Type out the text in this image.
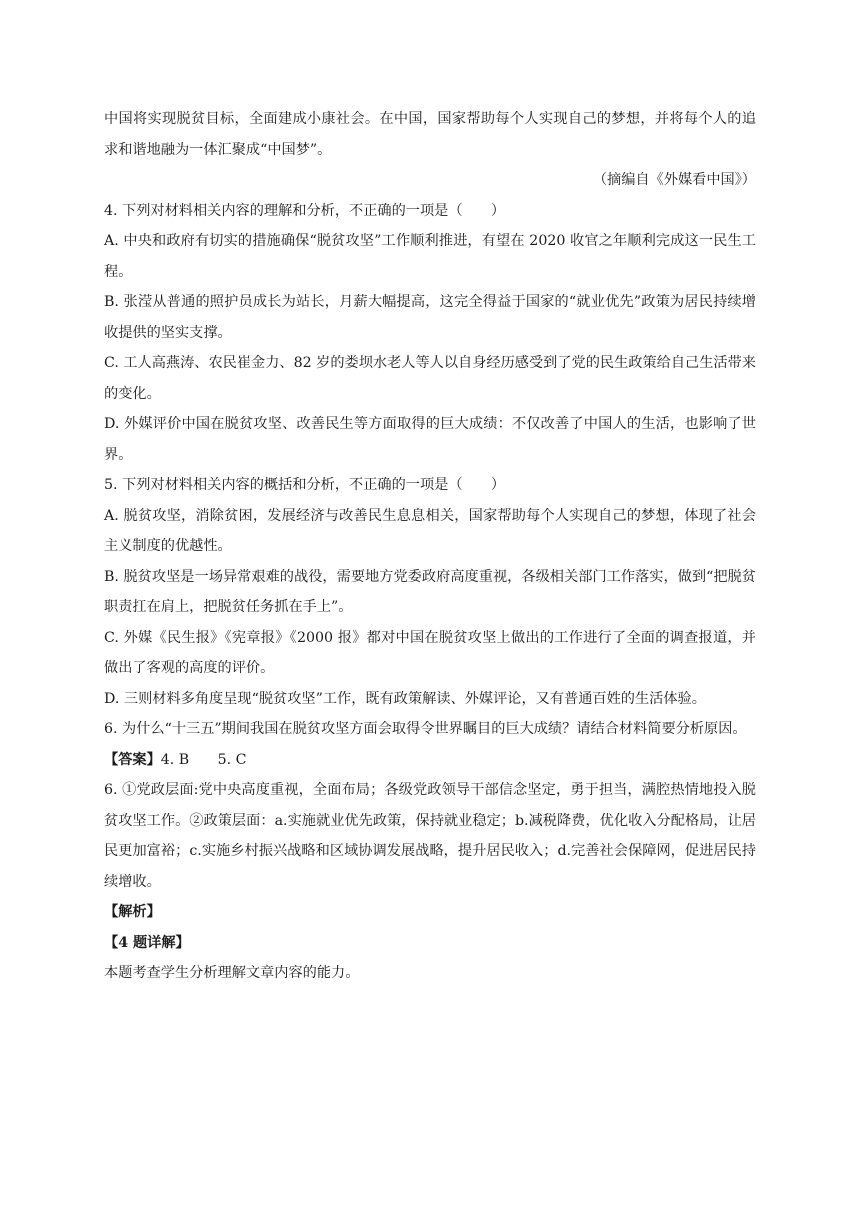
中国将实现脱贫目标，全面建成小康社会。在中国，国家帮助每个人实现自己的梦想，并将每个人的追求和谐地融为一体汇聚成“中国梦”。

（摘编自《外媒看中国》）

4. 下列对材料相关内容的理解和分析，不正确的一项是（　　）

A. 中央和政府有切实的措施确保“脱贫攻坚”工作顺利推进，有望在 2020 收官之年顺利完成这一民生工程。

B. 张滢从普通的照护员成长为站长，月薪大幅提高，这完全得益于国家的“就业优先”政策为居民持续增收提供的坚实支撑。

C. 工人高燕涛、农民崔金力、82 岁的娄坝水老人等人以自身经历感受到了党的民生政策给自己生活带来的变化。

D. 外媒评价中国在脱贫攻坚、改善民生等方面取得的巨大成绩：不仅改善了中国人的生活，也影响了世界。

5. 下列对材料相关内容的概括和分析，不正确的一项是（　　）

A. 脱贫攻坚，消除贫困，发展经济与改善民生息息相关，国家帮助每个人实现自己的梦想，体现了社会主义制度的优越性。

B. 脱贫攻坚是一场异常艰难的战役，需要地方党委政府高度重视，各级相关部门工作落实，做到“把脱贫职责扛在肩上，把脱贫任务抓在手上”。

C. 外媒《民生报》《宪章报》《2000 报》都对中国在脱贫攻坚上做出的工作进行了全面的调查报道，并做出了客观的高度的评价。

D. 三则材料多角度呈现“脱贫攻坚”工作，既有政策解读、外媒评论，又有普通百姓的生活体验。

6. 为什么“十三五”期间我国在脱贫攻坚方面会取得令世界瞩目的巨大成绩？请结合材料简要分析原因。

【答案】4. B　　5. C

6. ①党政层面:党中央高度重视，全面布局；各级党政领导干部信念坚定，勇于担当，满腔热情地投入脱贫攻坚工作。②政策层面：a.实施就业优先政策，保持就业稳定；b.减税降费，优化收入分配格局，让居民更加富裕；c.实施乡村振兴战略和区域协调发展战略，提升居民收入；d.完善社会保障网，促进居民持续增收。

【解析】

【4 题详解】

本题考查学生分析理解文章内容的能力。
